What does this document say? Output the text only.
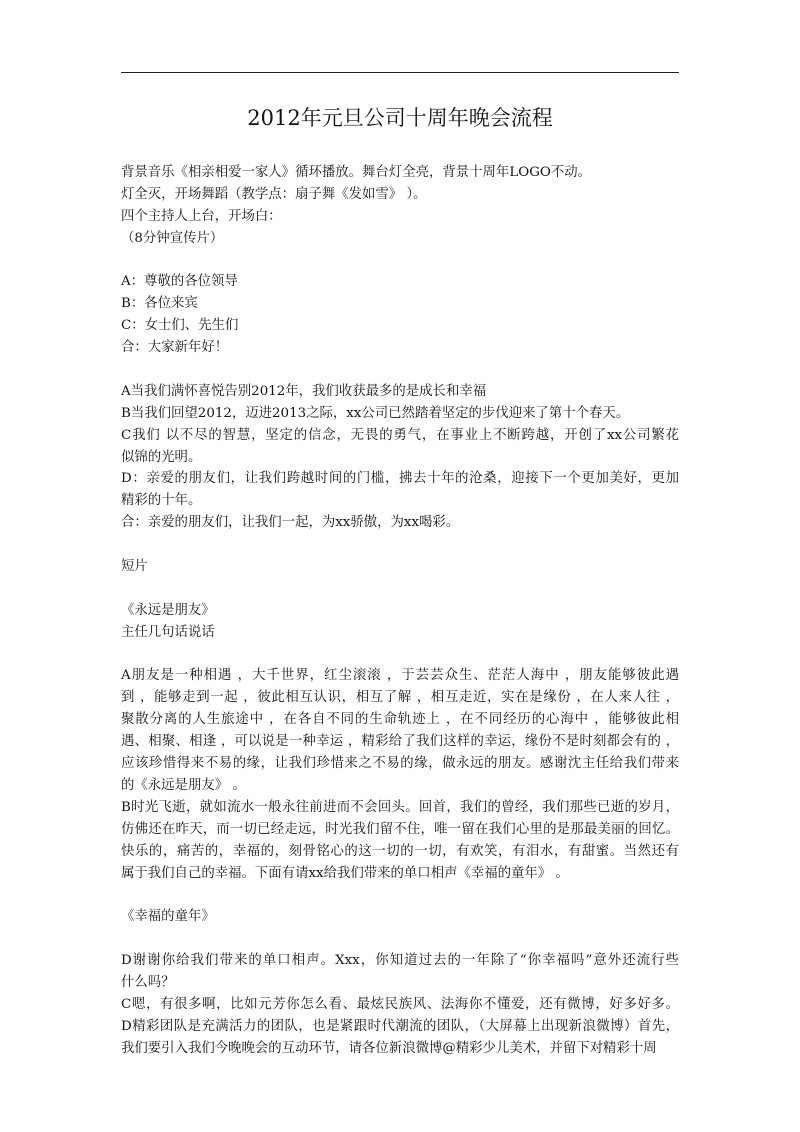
2012年元旦公司十周年晚会流程
背景音乐《相亲相爱一家人》循环播放。舞台灯全亮，背景十周年LOGO不动。
灯全灭，开场舞蹈（教学点：扇子舞《发如雪》 ）。
四个主持人上台，开场白：
（8分钟宣传片）
A：尊敬的各位领导
B：各位来宾
C：女士们、先生们
合：大家新年好！
A当我们满怀喜悦告别2012年，我们收获最多的是成长和幸福
B当我们回望2012，迈进2013之际，xx公司已然踏着坚定的步伐迎来了第十个春天。
C我们 以不尽的智慧，坚定的信念，无畏的勇气，在事业上不断跨越，开创了xx公司繁花
似锦的光明。
D：亲爱的朋友们，让我们跨越时间的门槛，拂去十年的沧桑，迎接下一个更加美好，更加
精彩的十年。
合：亲爱的朋友们，让我们一起，为xx骄傲，为xx喝彩。
短片
《永远是朋友》
主任几句话说话
A朋友是一种相遇 ，大千世界，红尘滚滚 ，于芸芸众生、茫茫人海中 ，朋友能够彼此遇
到 ，能够走到一起 ，彼此相互认识，相互了解 ，相互走近，实在是缘份 ，在人来人往 ，
聚散分离的人生旅途中 ，在各自不同的生命轨迹上 ，在不同经历的心海中 ，能够彼此相
遇、相聚、相逢 ，可以说是一种幸运 ，精彩给了我们这样的幸运，缘份不是时刻都会有的 ，
应该珍惜得来不易的缘，让我们珍惜来之不易的缘，做永远的朋友。感谢沈主任给我们带来
的《永远是朋友》 。
B时光飞逝，就如流水一般永往前进而不会回头。回首，我们的曾经，我们那些已逝的岁月，
仿佛还在昨天，而一切已经走远，时光我们留不住，唯一留在我们心里的是那最美丽的回忆。
快乐的，痛苦的，幸福的，刻骨铭心的这一切的一切，有欢笑，有泪水，有甜蜜。当然还有
属于我们自己的幸福。下面有请xx给我们带来的单口相声《幸福的童年》 。
《幸福的童年》
D谢谢你给我们带来的单口相声。Xxx，你知道过去的一年除了“你幸福吗”意外还流行些
什么吗？
C嗯，有很多啊，比如元芳你怎么看、最炫民族风、法海你不懂爱，还有微博，好多好多。
D精彩团队是充满活力的团队，也是紧跟时代潮流的团队，（大屏幕上出现新浪微博）首先，
我们要引入我们今晚晚会的互动环节，请各位新浪微博@精彩少儿美术，并留下对精彩十周
